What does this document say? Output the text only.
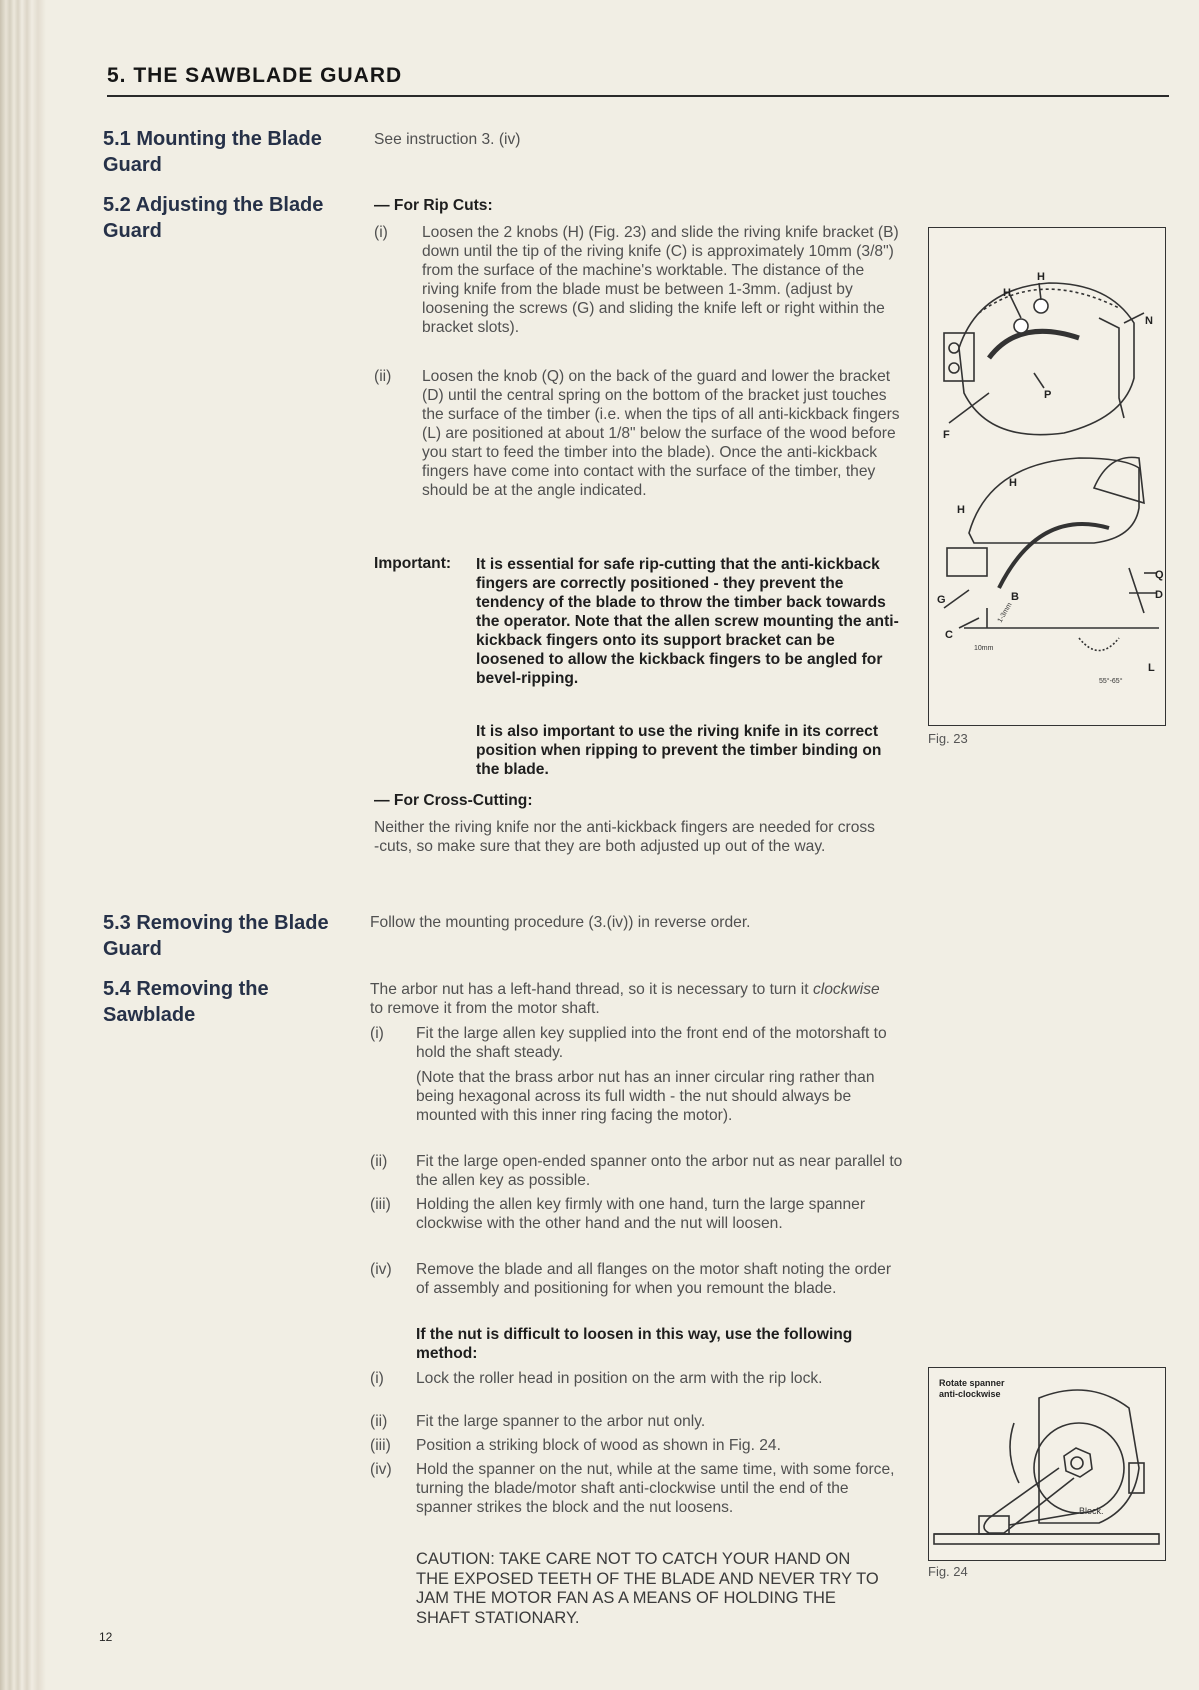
5. THE SAWBLADE GUARD
5.1 Mounting the Blade Guard
See instruction 3. (iv)
5.2 Adjusting the Blade Guard
— For Rip Cuts:
(i) Loosen the 2 knobs (H) (Fig. 23) and slide the riving knife bracket (B) down until the tip of the riving knife (C) is approximately 10mm (3/8") from the surface of the machine's worktable. The distance of the riving knife from the blade must be between 1-3mm. (adjust by loosening the screws (G) and sliding the knife left or right within the bracket slots).
(ii) Loosen the knob (Q) on the back of the guard and lower the bracket (D) until the central spring on the bottom of the bracket just touches the surface of the timber (i.e. when the tips of all anti-kickback fingers (L) are positioned at about 1/8" below the surface of the wood before you start to feed the timber into the blade). Once the anti-kickback fingers have come into contact with the surface of the timber, they should be at the angle indicated.
Important: It is essential for safe rip-cutting that the anti-kickback fingers are correctly positioned - they prevent the tendency of the blade to throw the timber back towards the operator. Note that the allen screw mounting the anti-kickback fingers onto its support bracket can be loosened to allow the kickback fingers to be angled for bevel-ripping.
It is also important to use the riving knife in its correct position when ripping to prevent the timber binding on the blade.
— For Cross-Cutting:
Neither the riving knife nor the anti-kickback fingers are needed for cross -cuts, so make sure that they are both adjusted up out of the way.
5.3 Removing the Blade Guard
Follow the mounting procedure (3.(iv)) in reverse order.
5.4 Removing the Sawblade
The arbor nut has a left-hand thread, so it is necessary to turn it clockwise to remove it from the motor shaft.
(i) Fit the large allen key supplied into the front end of the motorshaft to hold the shaft steady.
(Note that the brass arbor nut has an inner circular ring rather than being hexagonal across its full width - the nut should always be mounted with this inner ring facing the motor).
(ii) Fit the large open-ended spanner onto the arbor nut as near parallel to the allen key as possible.
(iii) Holding the allen key firmly with one hand, turn the large spanner clockwise with the other hand and the nut will loosen.
(iv) Remove the blade and all flanges on the motor shaft noting the order of assembly and positioning for when you remount the blade.
If the nut is difficult to loosen in this way, use the following method:
(i) Lock the roller head in position on the arm with the rip lock.
(ii) Fit the large spanner to the arbor nut only.
(iii) Position a striking block of wood as shown in Fig. 24.
(iv) Hold the spanner on the nut, while at the same time, with some force, turning the blade/motor shaft anti-clockwise until the end of the spanner strikes the block and the nut loosens.
CAUTION: TAKE CARE NOT TO CATCH YOUR HAND ON THE EXPOSED TEETH OF THE BLADE AND NEVER TRY TO JAM THE MOTOR FAN AS A MEANS OF HOLDING THE SHAFT STATIONARY.
H
H
N
P
F
H
H
Q
D
G	B
C
L
10mm
1-3mm
55°-65°
Fig. 23
Rotate spanner
anti-clockwise
Block.
Fig. 24
12
